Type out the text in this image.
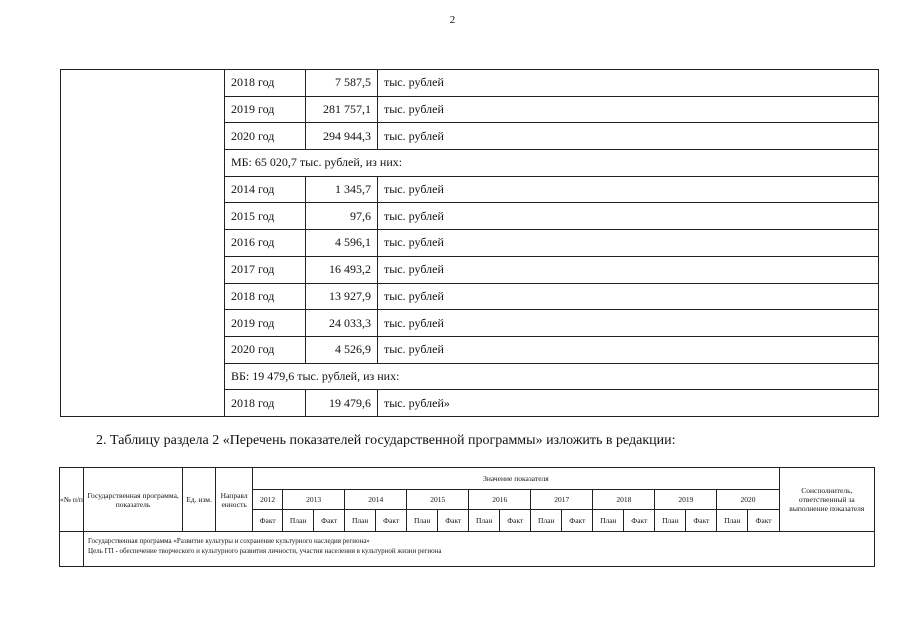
2
	2018 год	7 587,5	тыс. рублей
	2019 год	281 757,1	тыс. рублей
	2020 год	294 944,3	тыс. рублей
	МБ: 65 020,7 тыс. рублей, из них:		
	2014 год	1 345,7	тыс. рублей
	2015 год	97,6	тыс. рублей
	2016 год	4 596,1	тыс. рублей
	2017 год	16 493,2	тыс. рублей
	2018 год	13 927,9	тыс. рублей
	2019 год	24 033,3	тыс. рублей
	2020 год	4 526,9	тыс. рублей
	ВБ: 19 479,6 тыс. рублей, из них:		
	2018 год	19 479,6	тыс. рублей»
2. Таблицу раздела 2 «Перечень показателей государственной программы» изложить в редакции:
«№ п/п	Государственная программа, показатель	Ед. изм.	Направл енность	Значение показателя																	Соисполнитель, ответственный за выполнение показателя
				2012	2013		2014		2015		2016		2017		2018		2019		2020		
				Факт	План	Факт	План	Факт	План	Факт	План	Факт	План	Факт	План	Факт	План	Факт	План	Факт	

	Государственная программа «Развитие культуры и сохранение культурного наследия региона»
Цель ГП - обеспечение творческого и культурного развития личности, участия населения в культурной жизни региона																				
